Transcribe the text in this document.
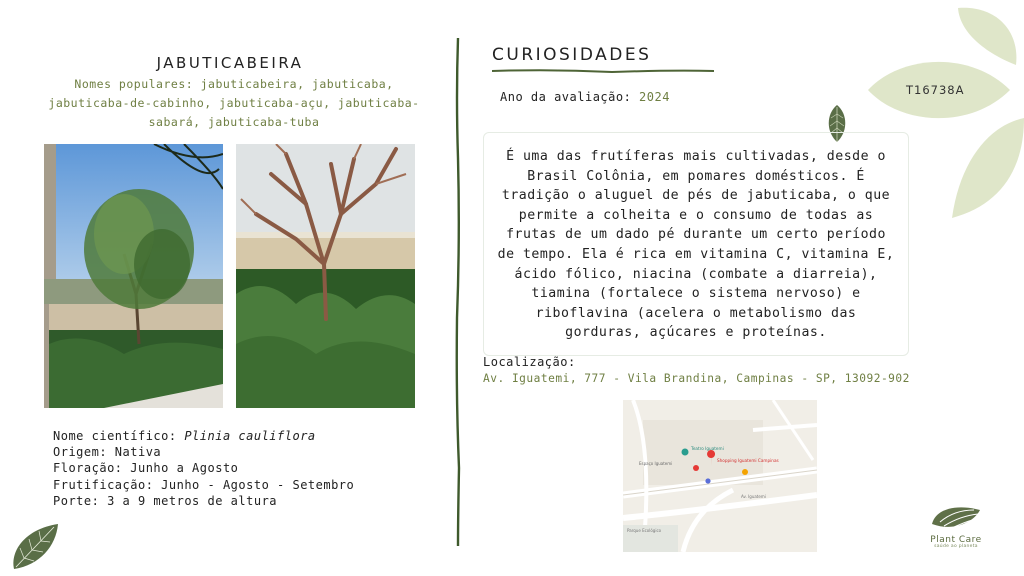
JABUTICABEIRA
Nomes populares: jabuticabeira, jabuticaba, jabuticaba-de-cabinho, jabuticaba-açu, jabuticaba-sabará, jabuticaba-tuba
Nome científico: Plinia cauliflora
Origem: Nativa
Floração: Junho a Agosto
Frutificação: Junho - Agosto - Setembro
Porte: 3 a 9 metros de altura
CURIOSIDADES
Ano da avaliação: 2024
É uma das frutíferas mais cultivadas, desde o Brasil Colônia, em pomares domésticos. É tradição o aluguel de pés de jabuticaba, o que permite a colheita e o consumo de todas as frutas de um dado pé durante um certo período de tempo. Ela é rica em vitamina C, vitamina E, ácido fólico, niacina (combate a diarreia), tiamina (fortalece o sistema nervoso) e riboflavina (acelera o metabolismo das gorduras, açúcares e proteínas.
Localização:
Av. Iguatemi, 777 - Vila Brandina, Campinas - SP, 13092-902
Teatro Iguatemi
Shopping Iguatemi Campinas
Espaço Iguatemi
Av. Iguatemi
Parque Ecológico
T16738A
Plant Care
saúde ao planeta
